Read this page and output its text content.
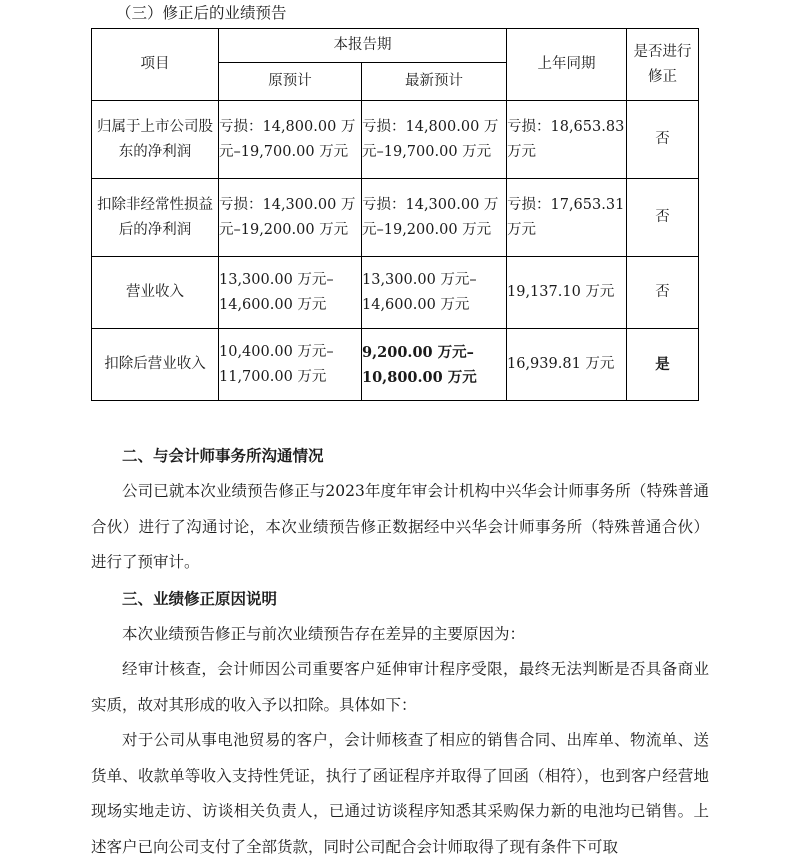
（三）修正后的业绩预告
项目	本报告期		上年同期	是否进行修正
	原预计	最新预计		
归属于上市公司股东的净利润	亏损：14,800.00 万元–19,700.00 万元	亏损：14,800.00 万元–19,700.00 万元	亏损：18,653.83 万元	否
扣除非经常性损益后的净利润	亏损：14,300.00 万元–19,200.00 万元	亏损：14,300.00 万元–19,200.00 万元	亏损：17,653.31 万元	否
营业收入	13,300.00 万元–14,600.00 万元	13,300.00 万元–14,600.00 万元	19,137.10 万元	否
扣除后营业收入	10,400.00 万元–11,700.00 万元	9,200.00 万元–10,800.00 万元	16,939.81 万元	是
二、与会计师事务所沟通情况

公司已就本次业绩预告修正与2023年度年审会计机构中兴华会计师事务所（特殊普通合伙）进行了沟通讨论，本次业绩预告修正数据经中兴华会计师事务所（特殊普通合伙）进行了预审计。

三、业绩修正原因说明

本次业绩预告修正与前次业绩预告存在差异的主要原因为：

经审计核查，会计师因公司重要客户延伸审计程序受限，最终无法判断是否具备商业实质，故对其形成的收入予以扣除。具体如下：

对于公司从事电池贸易的客户，会计师核查了相应的销售合同、出库单、物流单、送货单、收款单等收入支持性凭证，执行了函证程序并取得了回函（相符），也到客户经营地现场实地走访、访谈相关负责人，已通过访谈程序知悉其采购保力新的电池均已销售。上述客户已向公司支付了全部货款，同时公司配合会计师取得了现有条件下可取
